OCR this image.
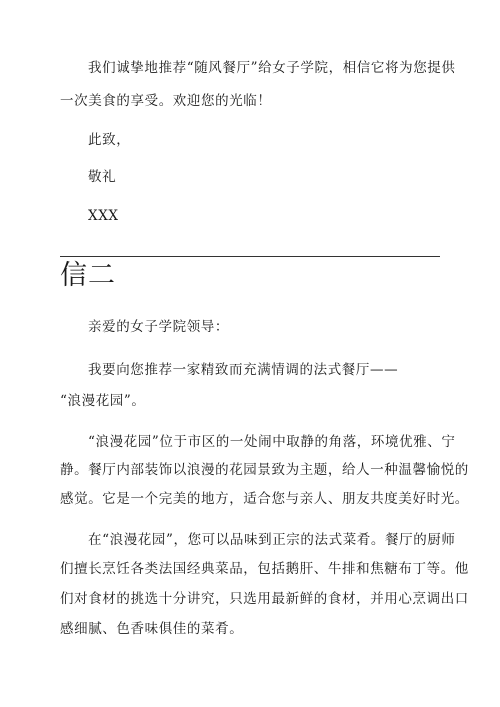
我们诚挚地推荐“随风餐厅”给女子学院，相信它将为您提供
一次美食的享受。欢迎您的光临！
此致，
敬礼
XXX
信二
亲爱的女子学院领导：
我要向您推荐一家精致而充满情调的法式餐厅——
“浪漫花园”。
“浪漫花园”位于市区的一处闹中取静的角落，环境优雅、宁
静。餐厅内部装饰以浪漫的花园景致为主题，给人一种温馨愉悦的
感觉。它是一个完美的地方，适合您与亲人、朋友共度美好时光。
在“浪漫花园”，您可以品味到正宗的法式菜肴。餐厅的厨师
们擅长烹饪各类法国经典菜品，包括鹅肝、牛排和焦糖布丁等。他
们对食材的挑选十分讲究，只选用最新鲜的食材，并用心烹调出口
感细腻、色香味俱佳的菜肴。
